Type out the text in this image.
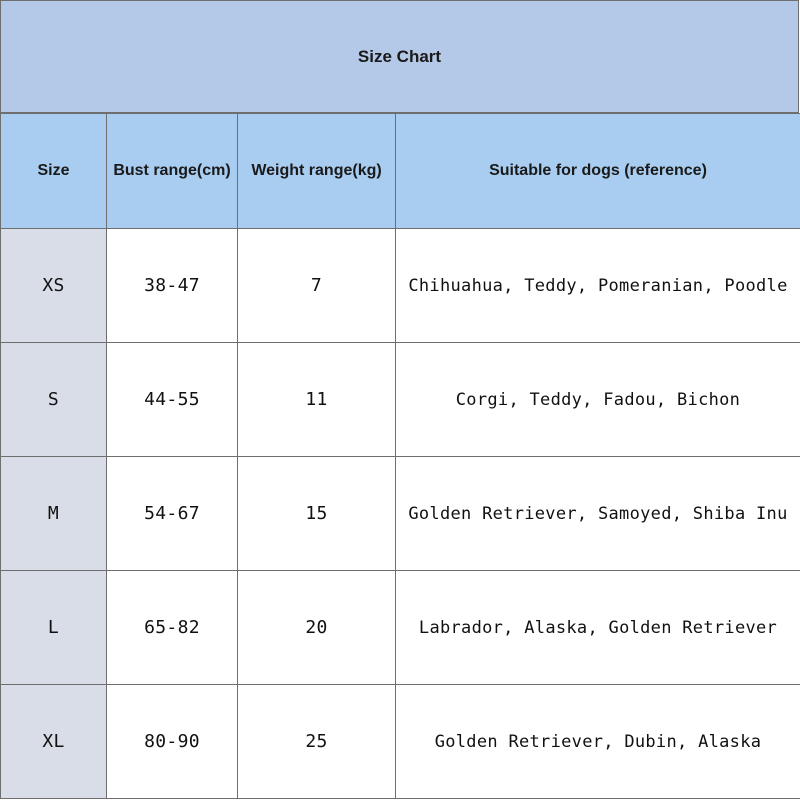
Size Chart
Size	Bust range(cm)	Weight range(kg)	Suitable for dogs (reference)
XS	38-47	7	Chihuahua, Teddy, Pomeranian, Poodle
S	44-55	11	Corgi, Teddy, Fadou, Bichon
M	54-67	15	Golden Retriever, Samoyed, Shiba Inu
L	65-82	20	Labrador, Alaska, Golden Retriever
XL	80-90	25	Golden Retriever, Dubin, Alaska
